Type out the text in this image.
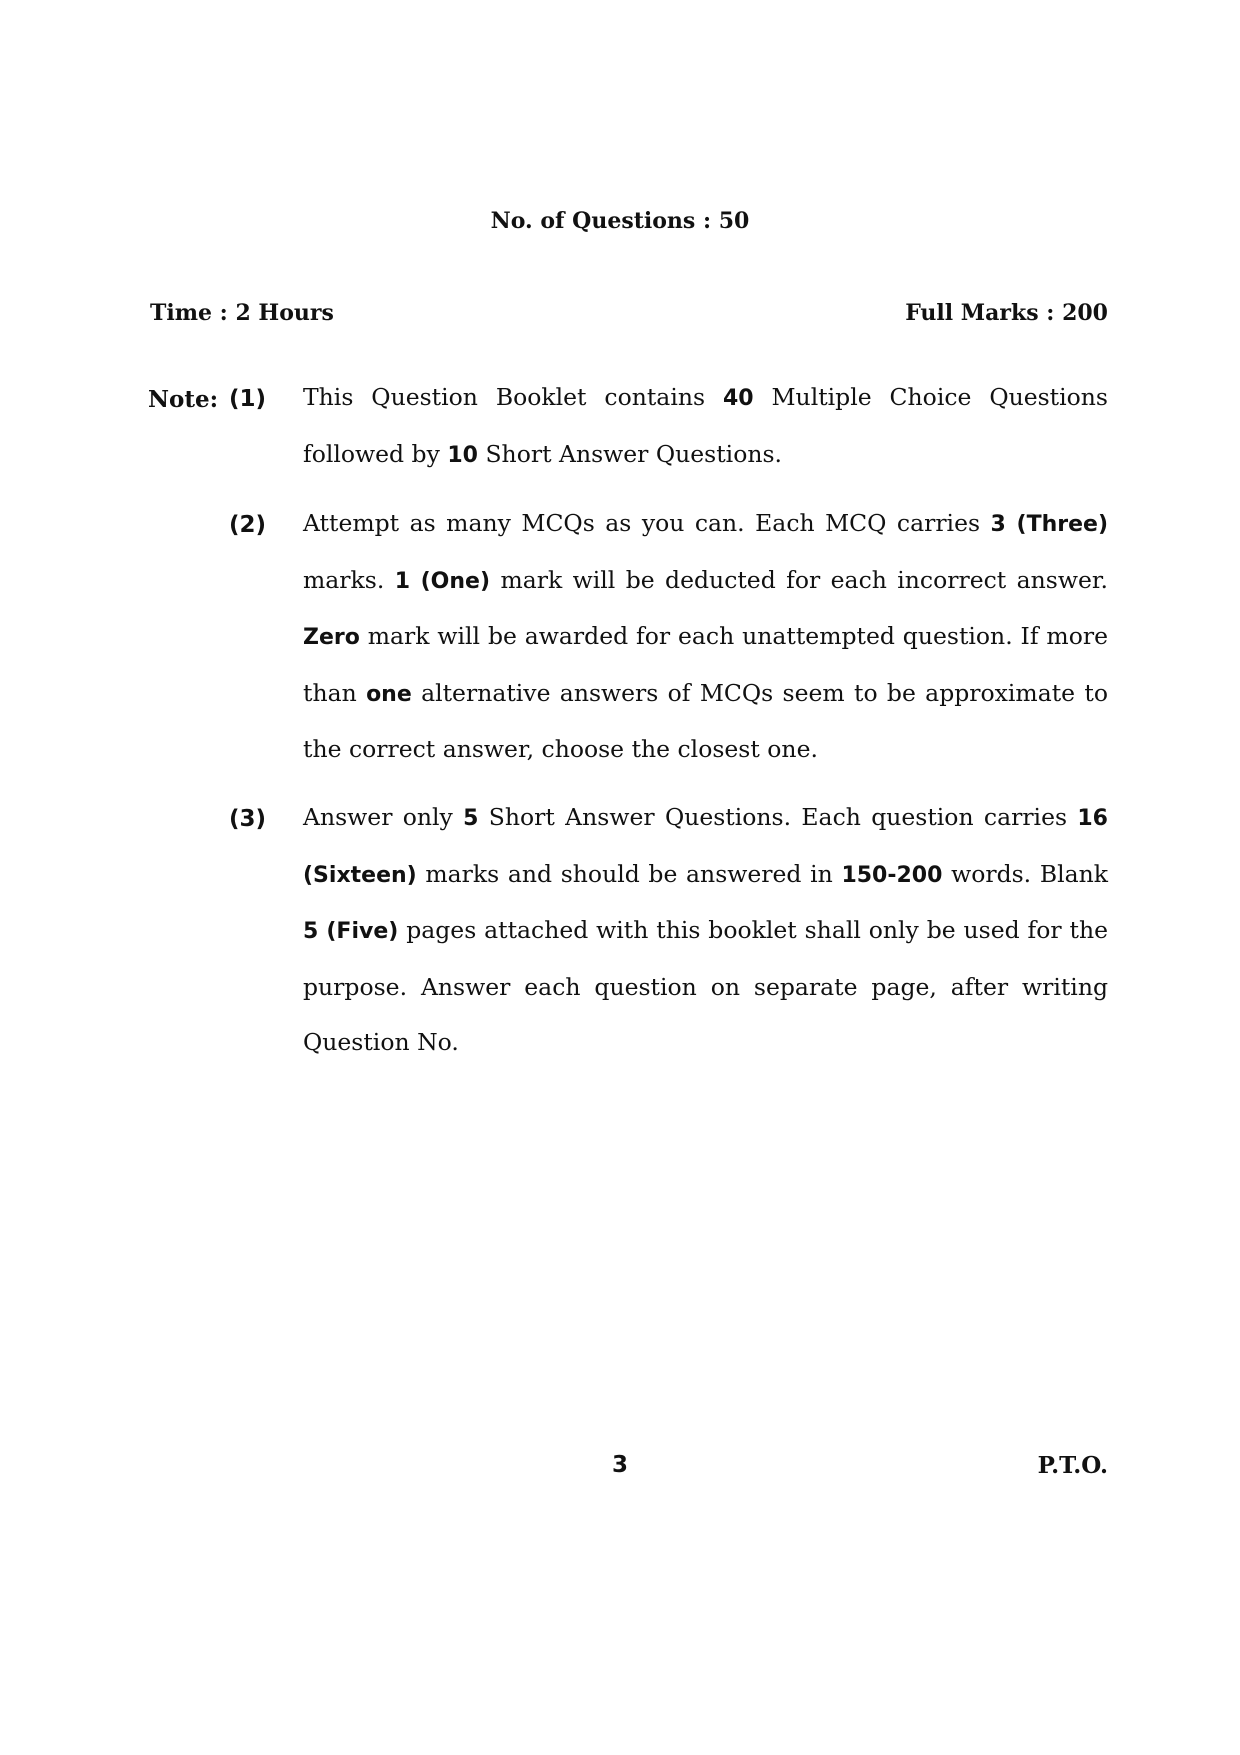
No. of Questions : 50
Time : 2 Hours	Full Marks : 200
Note: (1) This Question Booklet contains 40 Multiple Choice Questions followed by 10 Short Answer Questions.
(2) Attempt as many MCQs as you can. Each MCQ carries 3 (Three) marks. 1 (One) mark will be deducted for each incorrect answer. Zero mark will be awarded for each unattempted question. If more than one alternative answers of MCQs seem to be approximate to the correct answer, choose the closest one.
(3) Answer only 5 Short Answer Questions. Each question carries 16 (Sixteen) marks and should be answered in 150-200 words. Blank 5 (Five) pages attached with this booklet shall only be used for the purpose. Answer each question on separate page, after writing Question No.
3	P.T.O.
